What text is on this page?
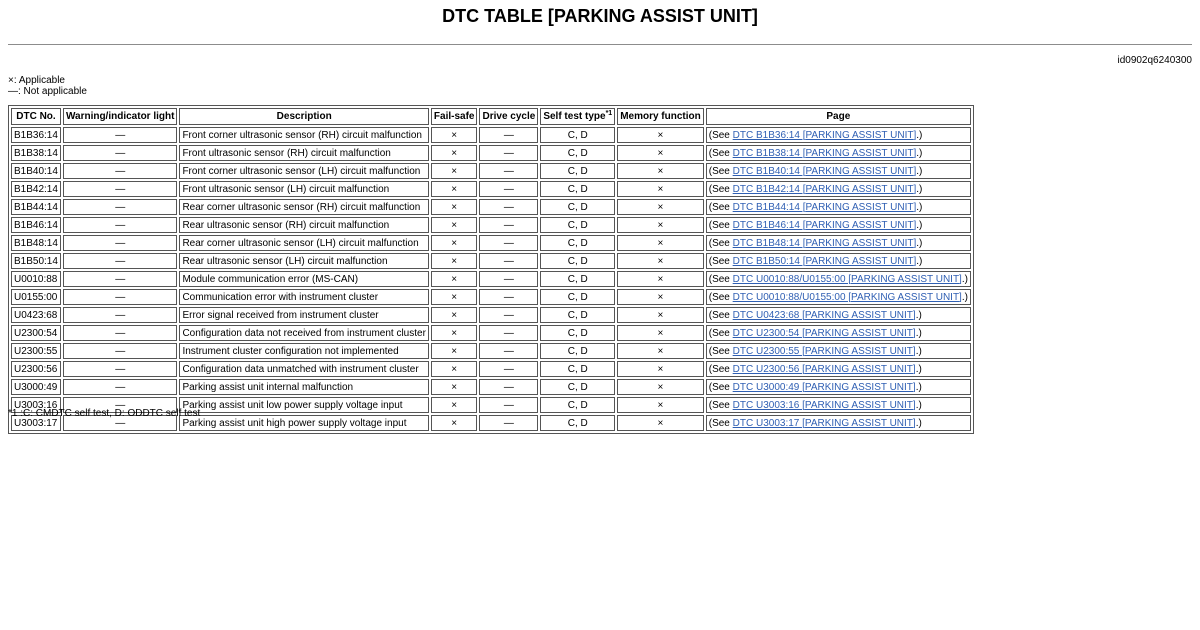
DTC TABLE [PARKING ASSIST UNIT]
id0902q6240300
×: Applicable
—: Not applicable
DTC No.	Warning/indicator light	Description	Fail-safe	Drive cycle	Self test type$^{*1}$	Memory function	Page
B1B36:14	—	Front corner ultrasonic sensor (RH) circuit malfunction	×	—	C, D	×	(See DTC B1B36:14 [PARKING ASSIST UNIT].)
B1B38:14	—	Front ultrasonic sensor (RH) circuit malfunction	×	—	C, D	×	(See DTC B1B38:14 [PARKING ASSIST UNIT].)
B1B40:14	—	Front corner ultrasonic sensor (LH) circuit malfunction	×	—	C, D	×	(See DTC B1B40:14 [PARKING ASSIST UNIT].)
B1B42:14	—	Front ultrasonic sensor (LH) circuit malfunction	×	—	C, D	×	(See DTC B1B42:14 [PARKING ASSIST UNIT].)
B1B44:14	—	Rear corner ultrasonic sensor (RH) circuit malfunction	×	—	C, D	×	(See DTC B1B44:14 [PARKING ASSIST UNIT].)
B1B46:14	—	Rear ultrasonic sensor (RH) circuit malfunction	×	—	C, D	×	(See DTC B1B46:14 [PARKING ASSIST UNIT].)
B1B48:14	—	Rear corner ultrasonic sensor (LH) circuit malfunction	×	—	C, D	×	(See DTC B1B48:14 [PARKING ASSIST UNIT].)
B1B50:14	—	Rear ultrasonic sensor (LH) circuit malfunction	×	—	C, D	×	(See DTC B1B50:14 [PARKING ASSIST UNIT].)
U0010:88	—	Module communication error (MS-CAN)	×	—	C, D	×	(See DTC U0010:88/U0155:00 [PARKING ASSIST UNIT].)
U0155:00	—	Communication error with instrument cluster	×	—	C, D	×	(See DTC U0010:88/U0155:00 [PARKING ASSIST UNIT].)
U0423:68	—	Error signal received from instrument cluster	×	—	C, D	×	(See DTC U0423:68 [PARKING ASSIST UNIT].)
U2300:54	—	Configuration data not received from instrument cluster	×	—	C, D	×	(See DTC U2300:54 [PARKING ASSIST UNIT].)
U2300:55	—	Instrument cluster configuration not implemented	×	—	C, D	×	(See DTC U2300:55 [PARKING ASSIST UNIT].)
U2300:56	—	Configuration data unmatched with instrument cluster	×	—	C, D	×	(See DTC U2300:56 [PARKING ASSIST UNIT].)
U3000:49	—	Parking assist unit internal malfunction	×	—	C, D	×	(See DTC U3000:49 [PARKING ASSIST UNIT].)
U3003:16	—	Parking assist unit low power supply voltage input	×	—	C, D	×	(See DTC U3003:16 [PARKING ASSIST UNIT].)
U3003:17	—	Parking assist unit high power supply voltage input	×	—	C, D	×	(See DTC U3003:17 [PARKING ASSIST UNIT].)
*1 :C: CMDTC self test, D: ODDTC self test
